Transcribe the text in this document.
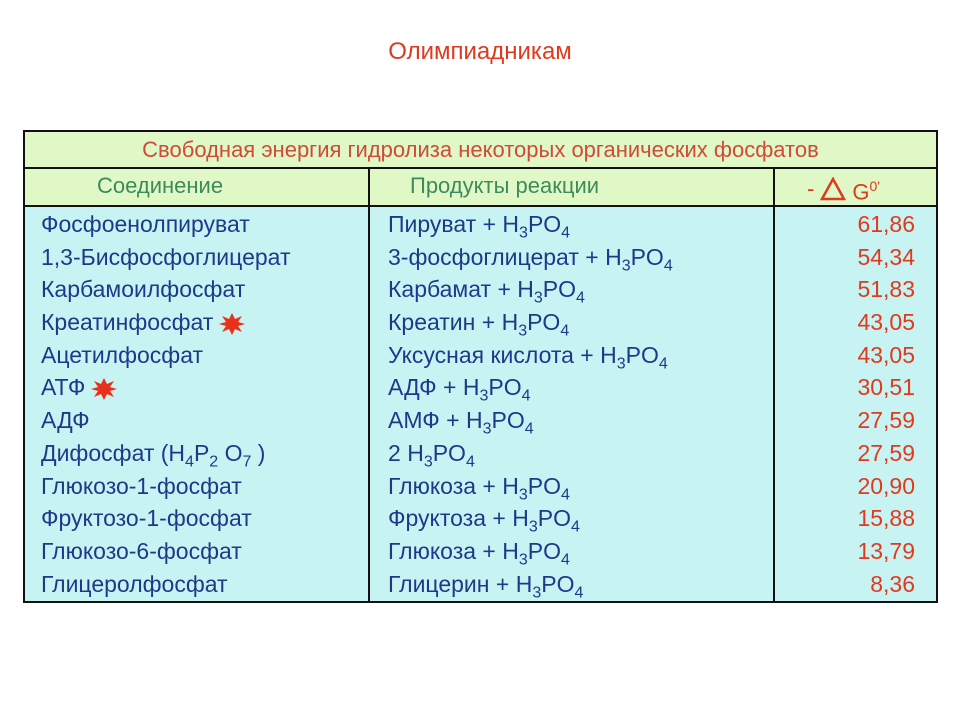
Олимпиадникам
Свободная энергия гидролиза некоторых органических фосфатов
Соединение	Продукты реакции	- $G^{0'}$
Фосфоенолпируват	Пируват + $H_3PO_4$	61,86
1,3-Бисфосфоглицерат	3-фосфоглицерат + $H_3PO_4$	54,34
Карбамоилфосфат	Карбамат + $H_3PO_4$	51,83
Креатинфосфат	Креатин + $H_3PO_4$	43,05
Ацетилфосфат	Уксусная кислота + $H_3PO_4$	43,05
АТФ	АДФ + $H_3PO_4$	30,51
АДФ	АМФ + $H_3PO_4$	27,59
Дифосфат ($H_4P_2$ $O_7$ )	2 $H_3PO_4$	27,59
Глюкозо-1-фосфат	Глюкоза + $H_3PO_4$	20,90
Фруктозо-1-фосфат	Фруктоза + $H_3PO_4$	15,88
Глюкозо-6-фосфат	Глюкоза + $H_3PO_4$	13,79
Глицеролфосфат	Глицерин + $H_3PO_4$	8,36
